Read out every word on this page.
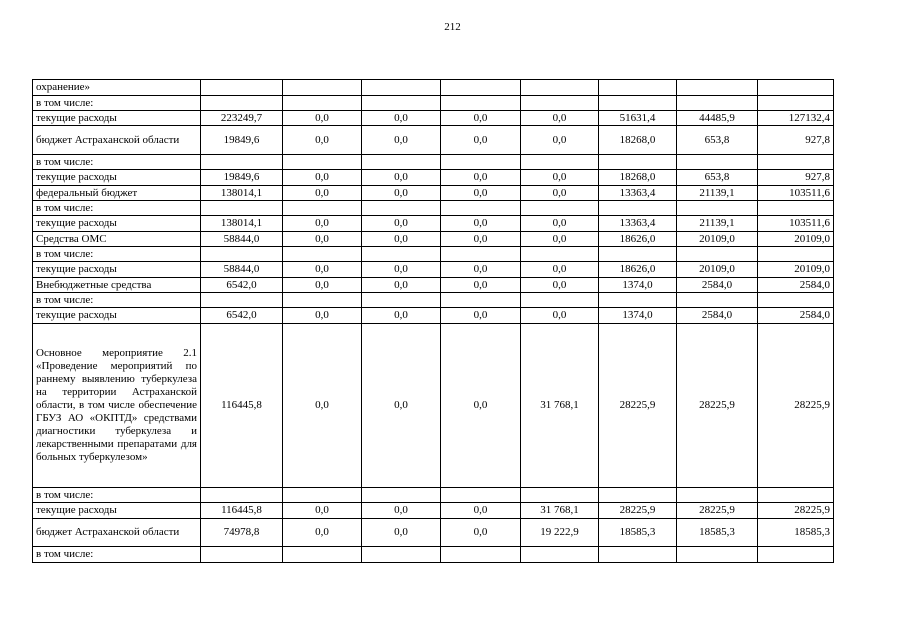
212
охранение»								
в том числе:								
текущие расходы	223249,7	0,0	0,0	0,0	0,0	51631,4	44485,9	127132,4
бюджет Астраханской области	19849,6	0,0	0,0	0,0	0,0	18268,0	653,8	927,8
в том числе:								
текущие расходы	19849,6	0,0	0,0	0,0	0,0	18268,0	653,8	927,8
федеральный бюджет	138014,1	0,0	0,0	0,0	0,0	13363,4	21139,1	103511,6
в том числе:								
текущие расходы	138014,1	0,0	0,0	0,0	0,0	13363,4	21139,1	103511,6
Средства ОМС	58844,0	0,0	0,0	0,0	0,0	18626,0	20109,0	20109,0
в том числе:								
текущие расходы	58844,0	0,0	0,0	0,0	0,0	18626,0	20109,0	20109,0
Внебюджетные средства	6542,0	0,0	0,0	0,0	0,0	1374,0	2584,0	2584,0
в том числе:								
текущие расходы	6542,0	0,0	0,0	0,0	0,0	1374,0	2584,0	2584,0
Основное мероприятие 2.1 «Проведение мероприятий по раннему выявлению туберкулеза на территории Астраханской области, в том числе обеспечение ГБУЗ АО «ОКПТД» средствами диагностики туберкулеза и лекарственными препаратами для больных туберкулезом»	116445,8	0,0	0,0	0,0	31 768,1	28225,9	28225,9	28225,9
в том числе:								
текущие расходы	116445,8	0,0	0,0	0,0	31 768,1	28225,9	28225,9	28225,9
бюджет Астраханской области	74978,8	0,0	0,0	0,0	19 222,9	18585,3	18585,3	18585,3
в том числе:								
